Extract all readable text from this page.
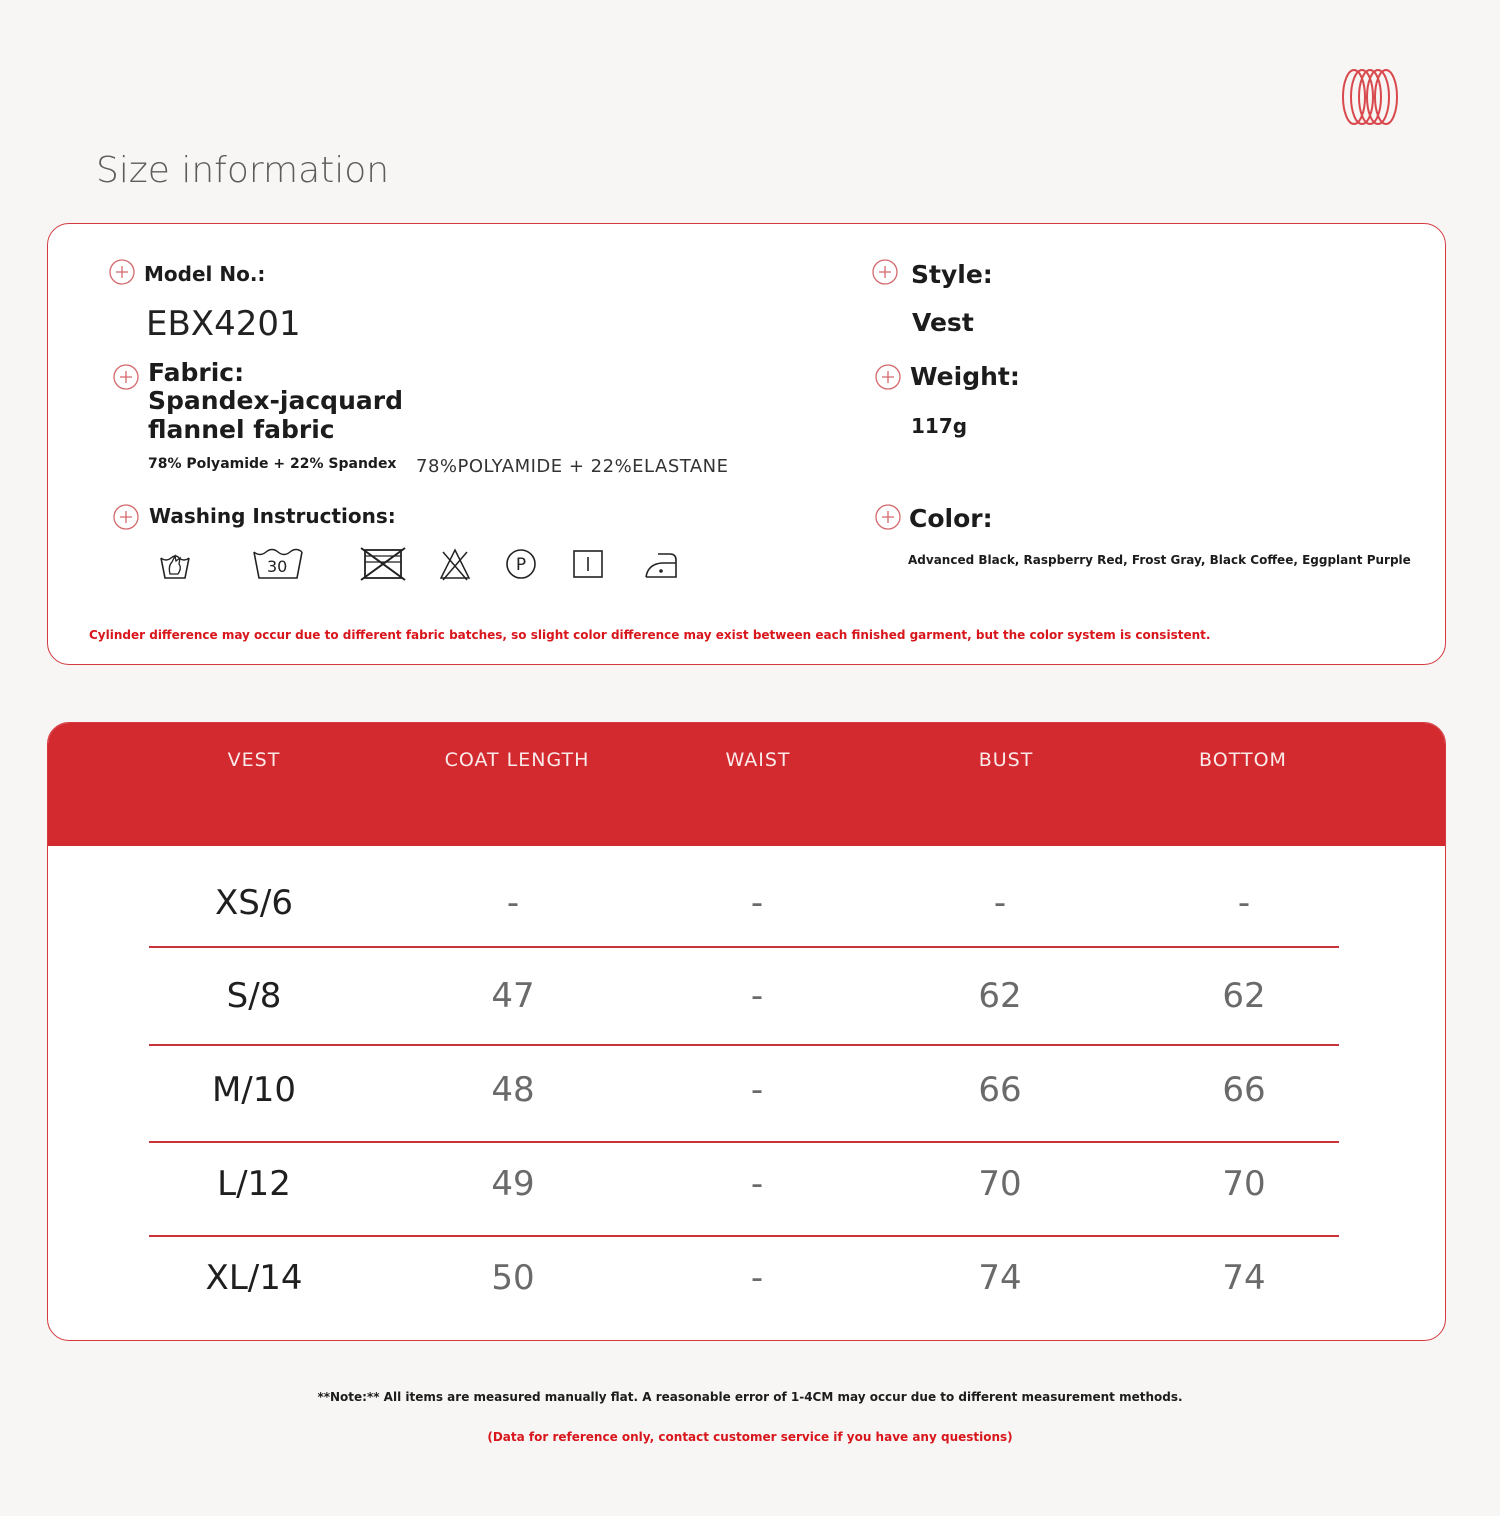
Size information
Model No.:
EBX4201
Fabric:
Spandex-jacquard
flannel fabric
78% Polyamide + 22% Spandex 78%POLYAMIDE + 22%ELASTANE
Washing Instructions:
30	P
Style:
Vest
Weight:
117g
Color:
Advanced Black, Raspberry Red, Frost Gray, Black Coffee, Eggplant Purple
Cylinder difference may occur due to different fabric batches, so slight color difference may exist between each finished garment, but the color system is consistent.
VEST	COAT LENGTH	WAIST	BUST	BOTTOM
XS/6	-	-	-	-
S/8	47	-	62	62
M/10	48	-	66	66
L/12	49	-	70	70
XL/14	50	-	74	74
**Note:** All items are measured manually flat. A reasonable error of 1-4CM may occur due to different measurement methods.
(Data for reference only, contact customer service if you have any questions)
